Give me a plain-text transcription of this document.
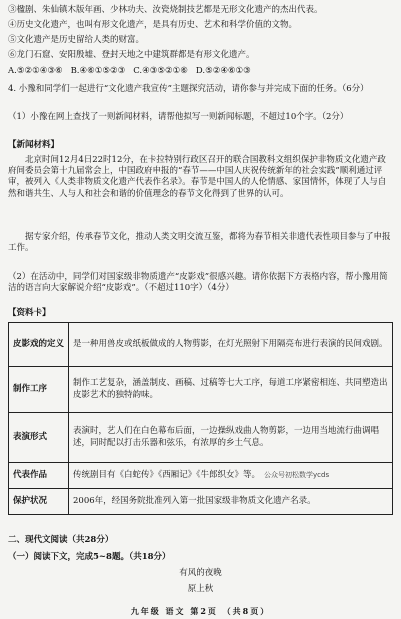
③楹剧、朱仙镇木版年画、少林功夫、汝瓷烧制技艺都是无形文化遗产的杰出代表。

④历史文化遗产，也叫有形文化遗产，是具有历史、艺术和科学价值的文物。

⑤文化遗产是历史留给人类的财富。

⑥龙门石窟、安阳殷墟、登封天地之中建筑群都是有形文化遗产。

A.⑤②①④③⑥ B.④⑥①⑤②③ C.④③⑤②①⑥ D.⑤②④⑥①③

4. 小豫和同学们一起进行“文化遗产我宣传”主题探究活动，请你参与并完成下面的任务。（6分）

（1）小豫在网上查找了一则新闻材料，请帮他拟写一则新闻标题，不超过10个字。（2分）

【新闻材料】

北京时间12月4日22时12分，在卡拉特别行政区召开的联合国教科文组织保护非物质文化遗产政府间委员会第十九届常会上，中国政府申报的“春节——中国人庆祝传统新年的社会实践”顺利通过评审，被列入《人类非物质文化遗产代表作名录》。春节是中国人的人伦情感、家国情怀，体现了人与自然和谐共生、人与人和社会和谐的价值理念的春节文化得到了世界的认可。

据专家介绍，传承春节文化，推动人类文明交流互鉴，都将为春节相关非遗代表性项目参与了申报工作。

（2）在活动中，同学们对国家级非物质遗产“皮影戏”很感兴趣。请你依据下方表格内容，帮小豫用简洁的语言向大家解说介绍“皮影戏”。（不超过110字）（4分）

【资料卡】
皮影戏的定义	是一种用兽皮或纸板做成的人物剪影，在灯光照射下用隔亮布进行表演的民间戏剧。
制作工序	制作工艺复杂，涵盖制皮、画稿、过稿等七大工序，每道工序紧密相连、共同塑造出皮影艺术的独特韵味。
表演形式	表演时，艺人们在白色幕布后面，一边操纵戏曲人物剪影，一边用当地流行曲调唱述，同时配以打击乐器和弦乐，有浓厚的乡土气息。
代表作品	传统剧目有《白蛇传》《西厢记》《牛郎织女》等。 公众号初松数学ycds
保护状况	2006年，经国务院批准列入第一批国家级非物质文化遗产名录。
二、现代文阅读（共28分）
（一）阅读下文，完成5~8题。（共18分）
有风的夜晚
原上秋
九年级 语文 第2页 （共8页）
